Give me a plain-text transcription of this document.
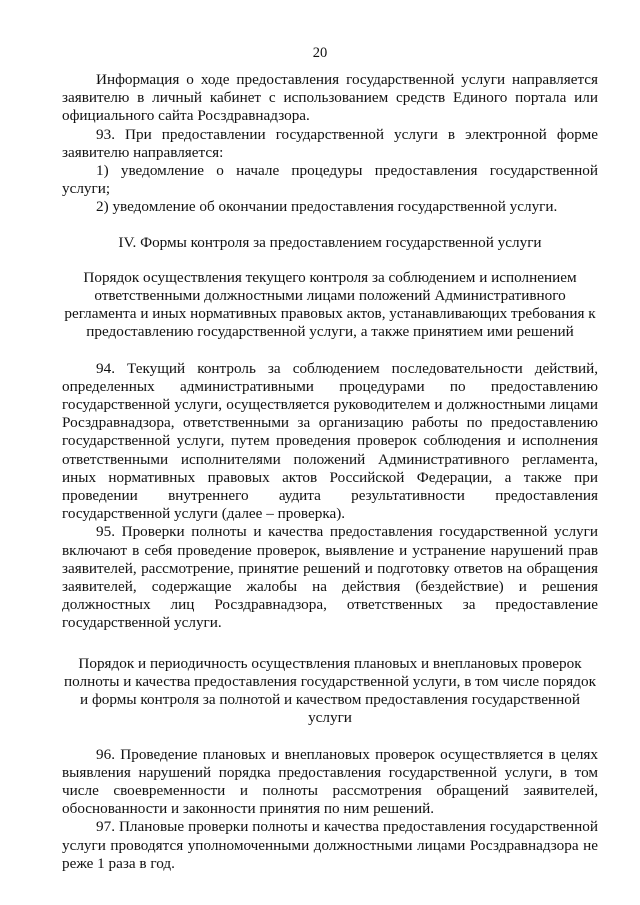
20

Информация о ходе предоставления государственной услуги направляется заявителю в личный кабинет с использованием средств Единого портала или официального сайта Росздравнадзора.

93. При предоставлении государственной услуги в электронной форме заявителю направляется:

1) уведомление о начале процедуры предоставления государственной услуги;

2) уведомление об окончании предоставления государственной услуги.

IV. Формы контроля за предоставлением государственной услуги

Порядок осуществления текущего контроля за соблюдением и исполнением
ответственными должностными лицами положений Административного
регламента и иных нормативных правовых актов, устанавливающих требования к
предоставлению государственной услуги, а также принятием ими решений

94. Текущий контроль за соблюдением последовательности действий, определенных административными процедурами по предоставлению государственной услуги, осуществляется руководителем и должностными лицами Росздравнадзора, ответственными за организацию работы по предоставлению государственной услуги, путем проведения проверок соблюдения и исполнения ответственными исполнителями положений Административного регламента, иных нормативных правовых актов Российской Федерации, а также при проведении внутреннего аудита результативности предоставления государственной услуги (далее – проверка).

95. Проверки полноты и качества предоставления государственной услуги включают в себя проведение проверок, выявление и устранение нарушений прав заявителей, рассмотрение, принятие решений и подготовку ответов на обращения заявителей, содержащие жалобы на действия (бездействие) и решения должностных лиц Росздравнадзора, ответственных за предоставление государственной услуги.

Порядок и периодичность осуществления плановых и внеплановых проверок
полноты и качества предоставления государственной услуги, в том числе порядок
и формы контроля за полнотой и качеством предоставления государственной
услуги

96. Проведение плановых и внеплановых проверок осуществляется в целях выявления нарушений порядка предоставления государственной услуги, в том числе своевременности и полноты рассмотрения обращений заявителей, обоснованности и законности принятия по ним решений.

97. Плановые проверки полноты и качества предоставления государственной услуги проводятся уполномоченными должностными лицами Росздравнадзора не реже 1 раза в год.
